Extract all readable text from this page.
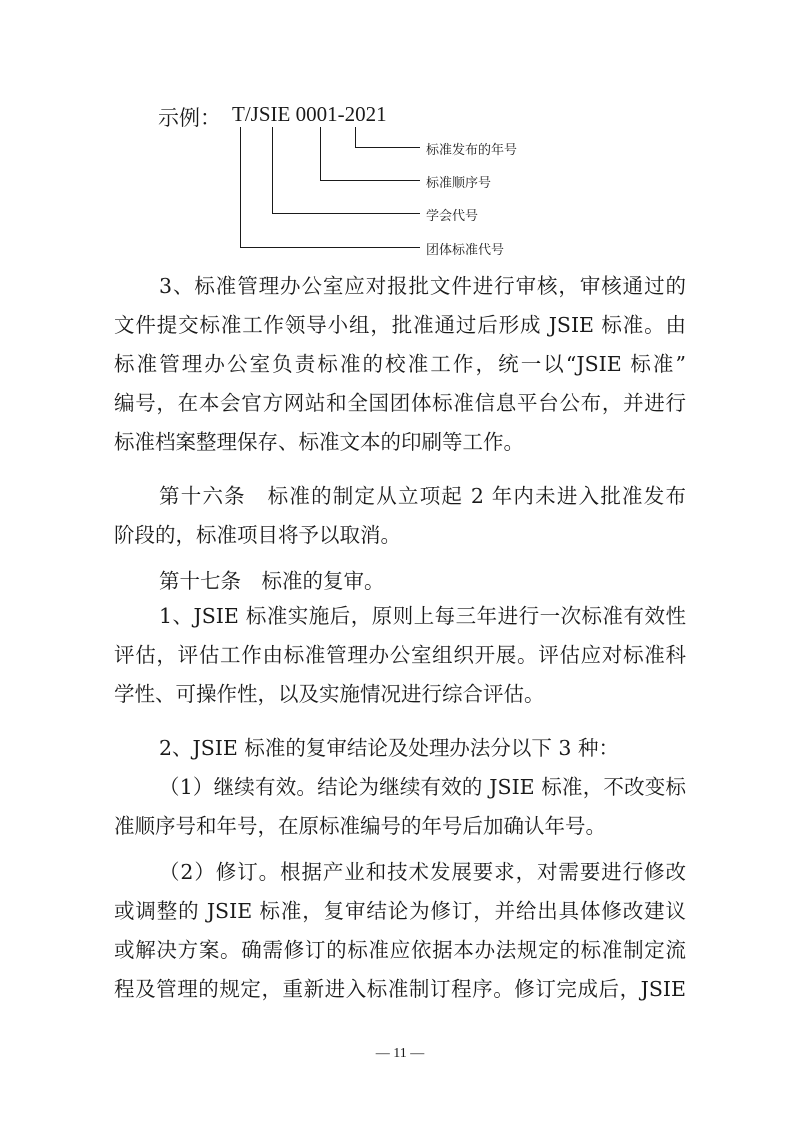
示例： T/JSIE 0001-2021
标准发布的年号
标准顺序号
学会代号
团体标准代号

3、标准管理办公室应对报批文件进行审核，审核通过的
文件提交标准工作领导小组，批准通过后形成 JSIE 标准。由
标准管理办公室负责标准的校准工作，统一以“JSIE 标准”
编号，在本会官方网站和全国团体标准信息平台公布，并进行
标准档案整理保存、标准文本的印刷等工作。

第十六条　标准的制定从立项起 2 年内未进入批准发布
阶段的，标准项目将予以取消。

第十七条　标准的复审。

1、JSIE 标准实施后，原则上每三年进行一次标准有效性
评估，评估工作由标准管理办公室组织开展。评估应对标准科
学性、可操作性，以及实施情况进行综合评估。

2、JSIE 标准的复审结论及处理办法分以下 3 种：

（1）继续有效。结论为继续有效的 JSIE 标准，不改变标
准顺序号和年号，在原标准编号的年号后加确认年号。

（2）修订。根据产业和技术发展要求，对需要进行修改
或调整的 JSIE 标准，复审结论为修订，并给出具体修改建议
或解决方案。确需修订的标准应依据本办法规定的标准制定流
程及管理的规定，重新进入标准制订程序。修订完成后，JSIE

— 11 —
